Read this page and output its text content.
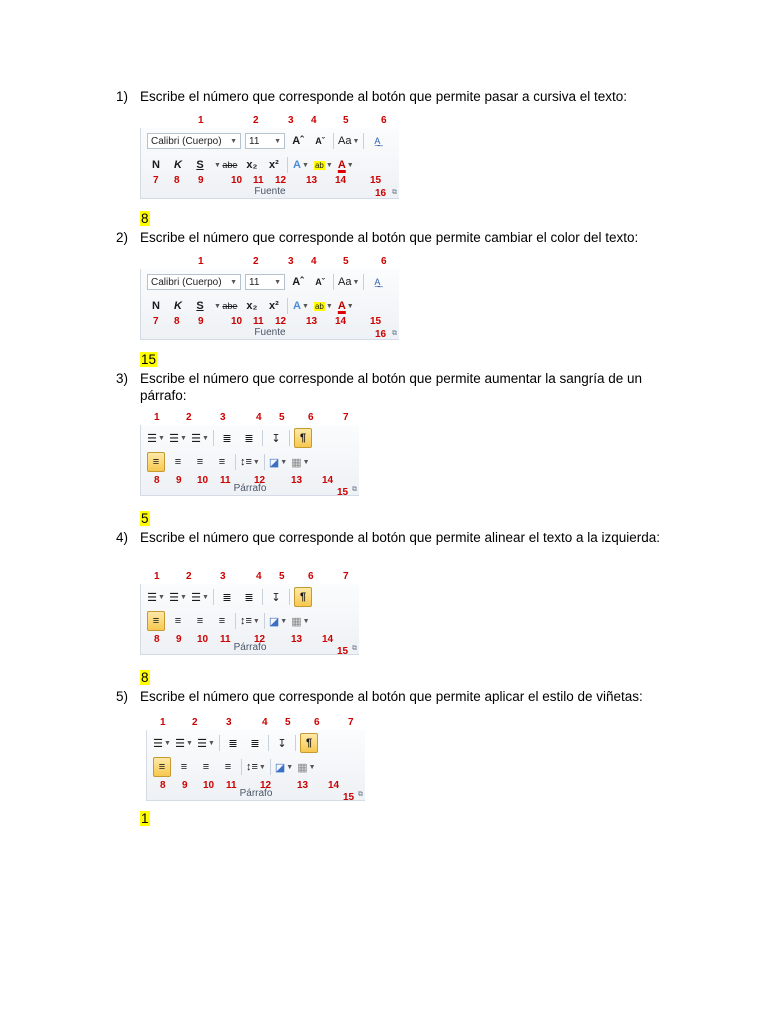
1) Escribe el número que corresponde al botón que permite pasar a cursiva el texto:
Calibri (Cuerpo) ▼ 11 ▼ Aˆ	Aˇ	Aa ▼	A̲̲
N	K	S	▼ abe x₂	x²	A ▼ ab ▼ A ▼
Fuente	⧉
1	2	3 4	5	6
7 8 9	10 11 12 13 14 15
16
8
2) Escribe el número que corresponde al botón que permite cambiar el color del texto:
Calibri (Cuerpo) ▼ 11 ▼ Aˆ	Aˇ	Aa ▼	A̲̲
N	K	S	▼ abe x₂	x²	A ▼ ab ▼ A ▼
Fuente	⧉
1	2	3 4	5	6
7 8 9	10 11 12 13 14 15
16
15
3) Escribe el número que corresponde al botón que permite aumentar la sangría de un párrafo:
☰ ▼ ☰ ▼ ☰ ▼	≣	≣	↧	¶
≡	≡	≡	≡	↕≡ ▼ ◪ ▼ ▦ ▼
Párrafo	⧉
1	2	3	4 5 6	7
8 9 10 11 12	13 14
15
5
4) Escribe el número que corresponde al botón que permite alinear el texto a la izquierda:
☰ ▼ ☰ ▼ ☰ ▼	≣	≣	↧	¶
≡	≡	≡	≡	↕≡ ▼ ◪ ▼ ▦ ▼
Párrafo	⧉
1	2	3	4 5 6	7
8 9 10 11 12	13 14
15
8
5) Escribe el número que corresponde al botón que permite aplicar el estilo de viñetas:
☰ ▼ ☰ ▼ ☰ ▼	≣	≣	↧	¶
≡	≡	≡	≡	↕≡ ▼ ◪ ▼ ▦ ▼
Párrafo	⧉
1	2	3	4 5 6	7
8 9 10 11 12	13 14
15
1
